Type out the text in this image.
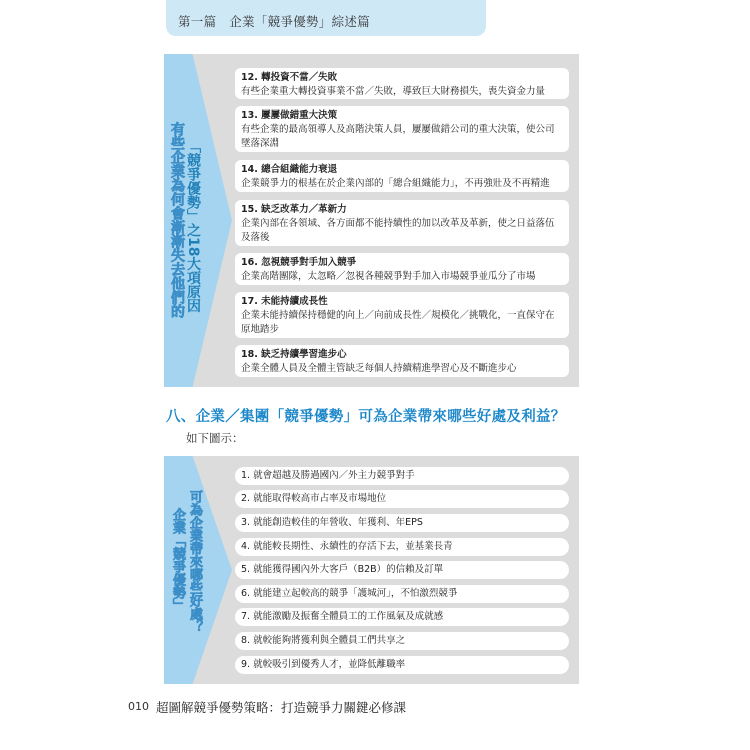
第一篇　企業「競爭優勢」綜述篇
「競爭優勢」之18大項原因
有些企業為何會漸漸失去他們的
12. 轉投資不當／失敗
有些企業重大轉投資事業不當／失敗，導致巨大財務損失，喪失資金力量
13. 屢屢做錯重大決策
有些企業的最高領導人及高階決策人員，屢屢做錯公司的重大決策，使公司墜落深淵
14. 總合組織能力衰退
企業競爭力的根基在於企業內部的「總合組織能力」，不再強壯及不再精進
15. 缺乏改革力／革新力
企業內部在各領域、各方面都不能持續性的加以改革及革新，使之日益落伍及落後
16. 忽視競爭對手加入競爭
企業高階團隊，太忽略／忽視各種競爭對手加入市場競爭並瓜分了市場
17. 未能持續成長性
企業未能持續保持穩健的向上／向前成長性／規模化／挑戰化，一直保守在原地踏步
18. 缺乏持續學習進步心
企業全體人員及全體主管缺乏每個人持續精進學習心及不斷進步心
八、企業／集團「競爭優勢」可為企業帶來哪些好處及利益？
如下圖示：
企業「競爭優勢」 可為企業帶來哪些好處？
1. 就會超越及勝過國內／外主力競爭對手
2. 就能取得較高市占率及市場地位
3. 就能創造較佳的年營收、年獲利、年EPS
4. 就能較長期性、永續性的存活下去，並基業長青
5. 就能獲得國內外大客戶（B2B）的信賴及訂單
6. 就能建立起較高的競爭「護城河」，不怕激烈競爭
7. 就能激勵及振奮全體員工的工作風氣及成就感
8. 就較能夠將獲利與全體員工們共享之
9. 就較吸引到優秀人才，並降低離職率
010 超圖解競爭優勢策略：打造競爭力關鍵必修課
